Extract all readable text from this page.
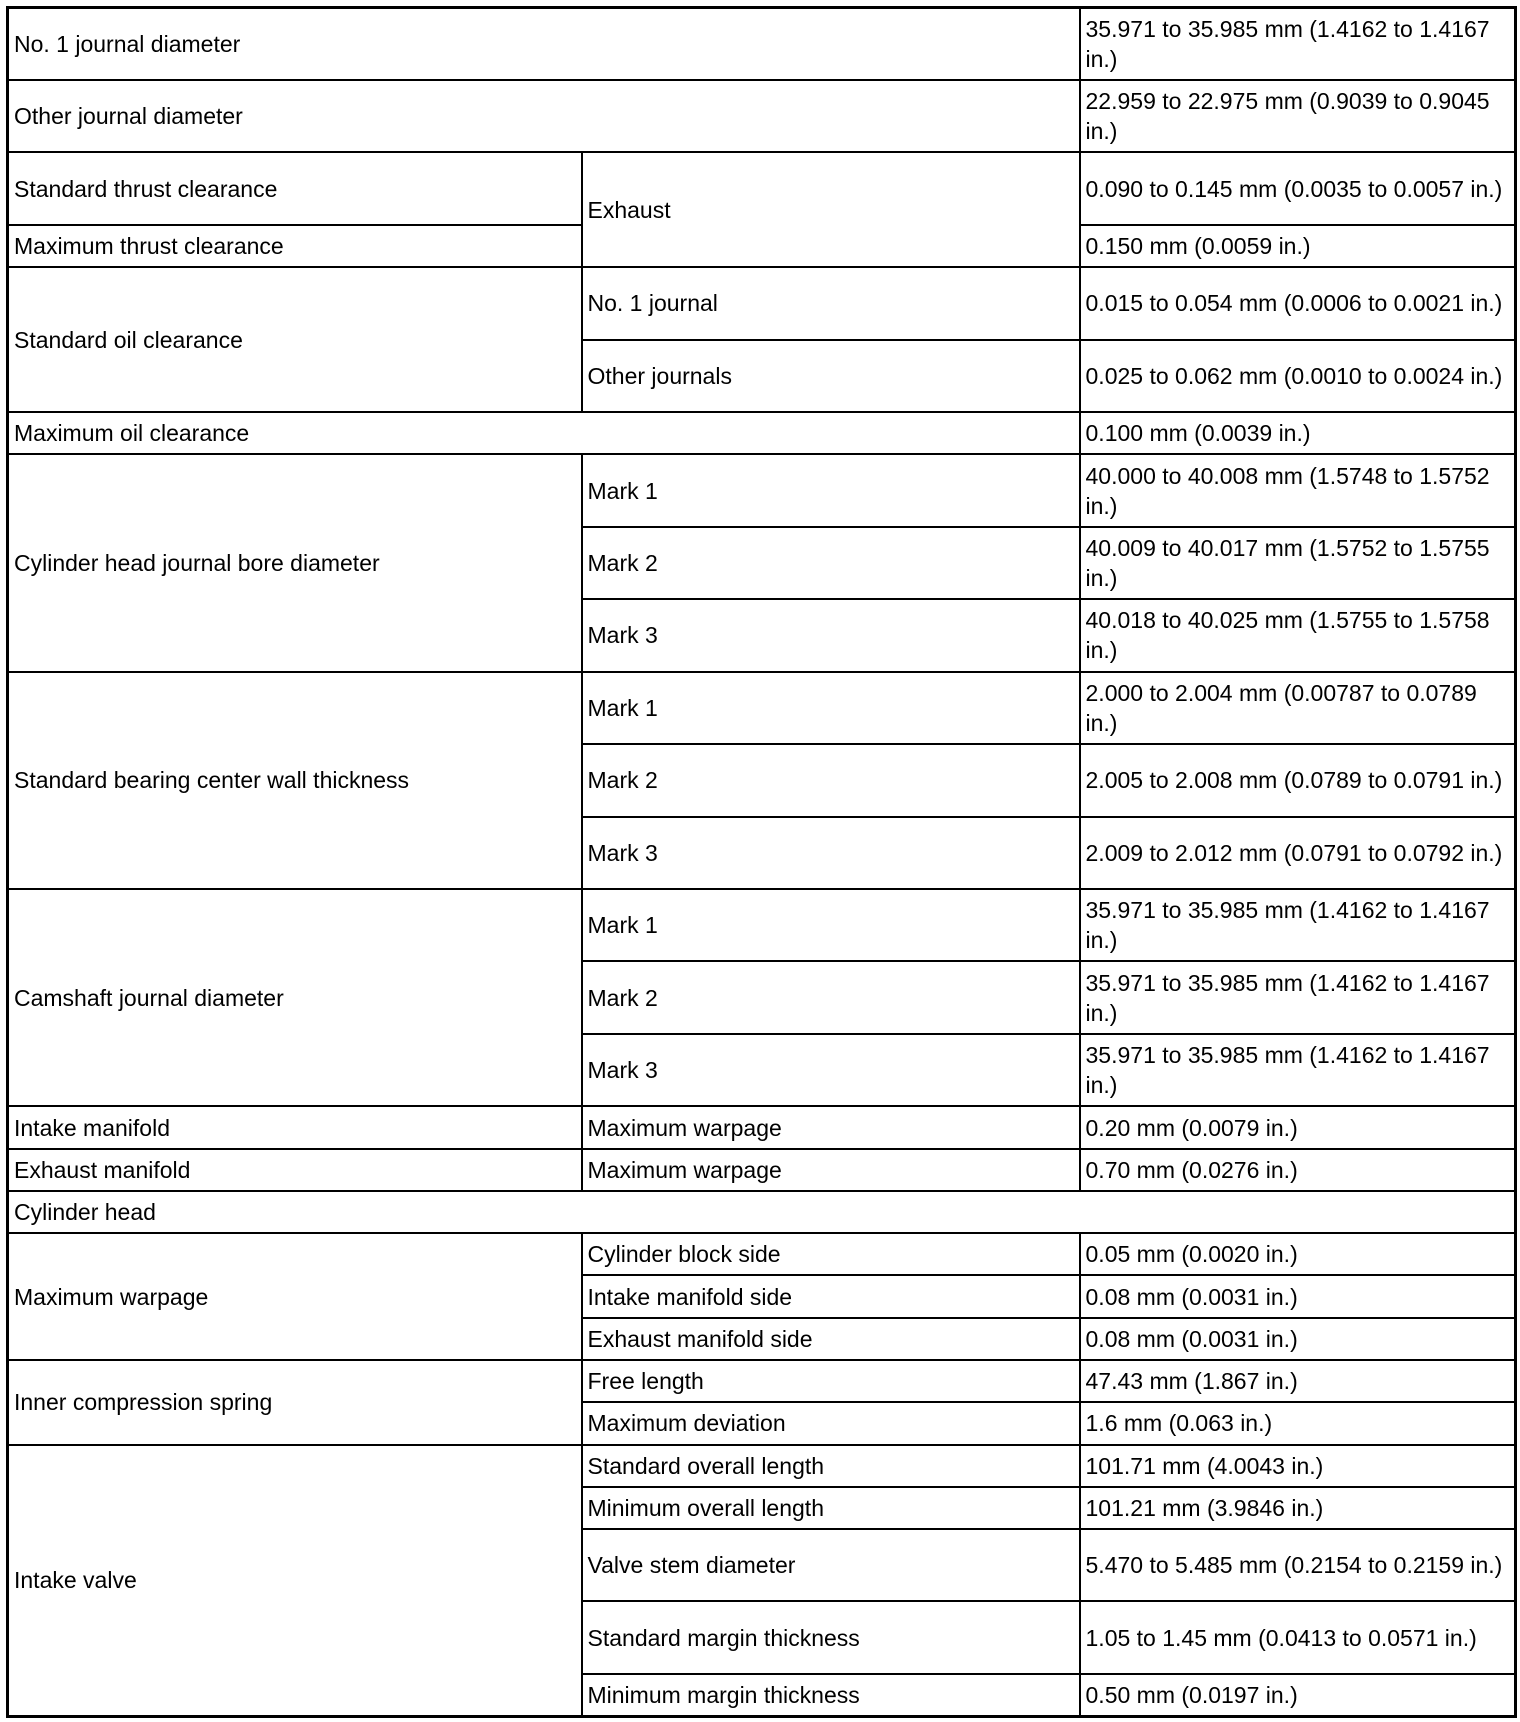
No. 1 journal diameter		35.971 to 35.985 mm (1.4162 to 1.4167 in.)
Other journal diameter		22.959 to 22.975 mm (0.9039 to 0.9045 in.)
Standard thrust clearance	Exhaust	0.090 to 0.145 mm (0.0035 to 0.0057 in.)
Maximum thrust clearance		0.150 mm (0.0059 in.)
Standard oil clearance	No. 1 journal	0.015 to 0.054 mm (0.0006 to 0.0021 in.)
	Other journals	0.025 to 0.062 mm (0.0010 to 0.0024 in.)
Maximum oil clearance		0.100 mm (0.0039 in.)
Cylinder head journal bore diameter	Mark 1	40.000 to 40.008 mm (1.5748 to 1.5752 in.)
	Mark 2	40.009 to 40.017 mm (1.5752 to 1.5755 in.)
	Mark 3	40.018 to 40.025 mm (1.5755 to 1.5758 in.)
Standard bearing center wall thickness	Mark 1	2.000 to 2.004 mm (0.00787 to 0.0789 in.)
	Mark 2	2.005 to 2.008 mm (0.0789 to 0.0791 in.)
	Mark 3	2.009 to 2.012 mm (0.0791 to 0.0792 in.)
Camshaft journal diameter	Mark 1	35.971 to 35.985 mm (1.4162 to 1.4167 in.)
	Mark 2	35.971 to 35.985 mm (1.4162 to 1.4167 in.)
	Mark 3	35.971 to 35.985 mm (1.4162 to 1.4167 in.)
Intake manifold	Maximum warpage	0.20 mm (0.0079 in.)
Exhaust manifold	Maximum warpage	0.70 mm (0.0276 in.)
Cylinder head		
Maximum warpage	Cylinder block side	0.05 mm (0.0020 in.)
	Intake manifold side	0.08 mm (0.0031 in.)
	Exhaust manifold side	0.08 mm (0.0031 in.)
Inner compression spring	Free length	47.43 mm (1.867 in.)
	Maximum deviation	1.6 mm (0.063 in.)
Intake valve	Standard overall length	101.71 mm (4.0043 in.)
	Minimum overall length	101.21 mm (3.9846 in.)
	Valve stem diameter	5.470 to 5.485 mm (0.2154 to 0.2159 in.)
	Standard margin thickness	1.05 to 1.45 mm (0.0413 to 0.0571 in.)
	Minimum margin thickness	0.50 mm (0.0197 in.)
